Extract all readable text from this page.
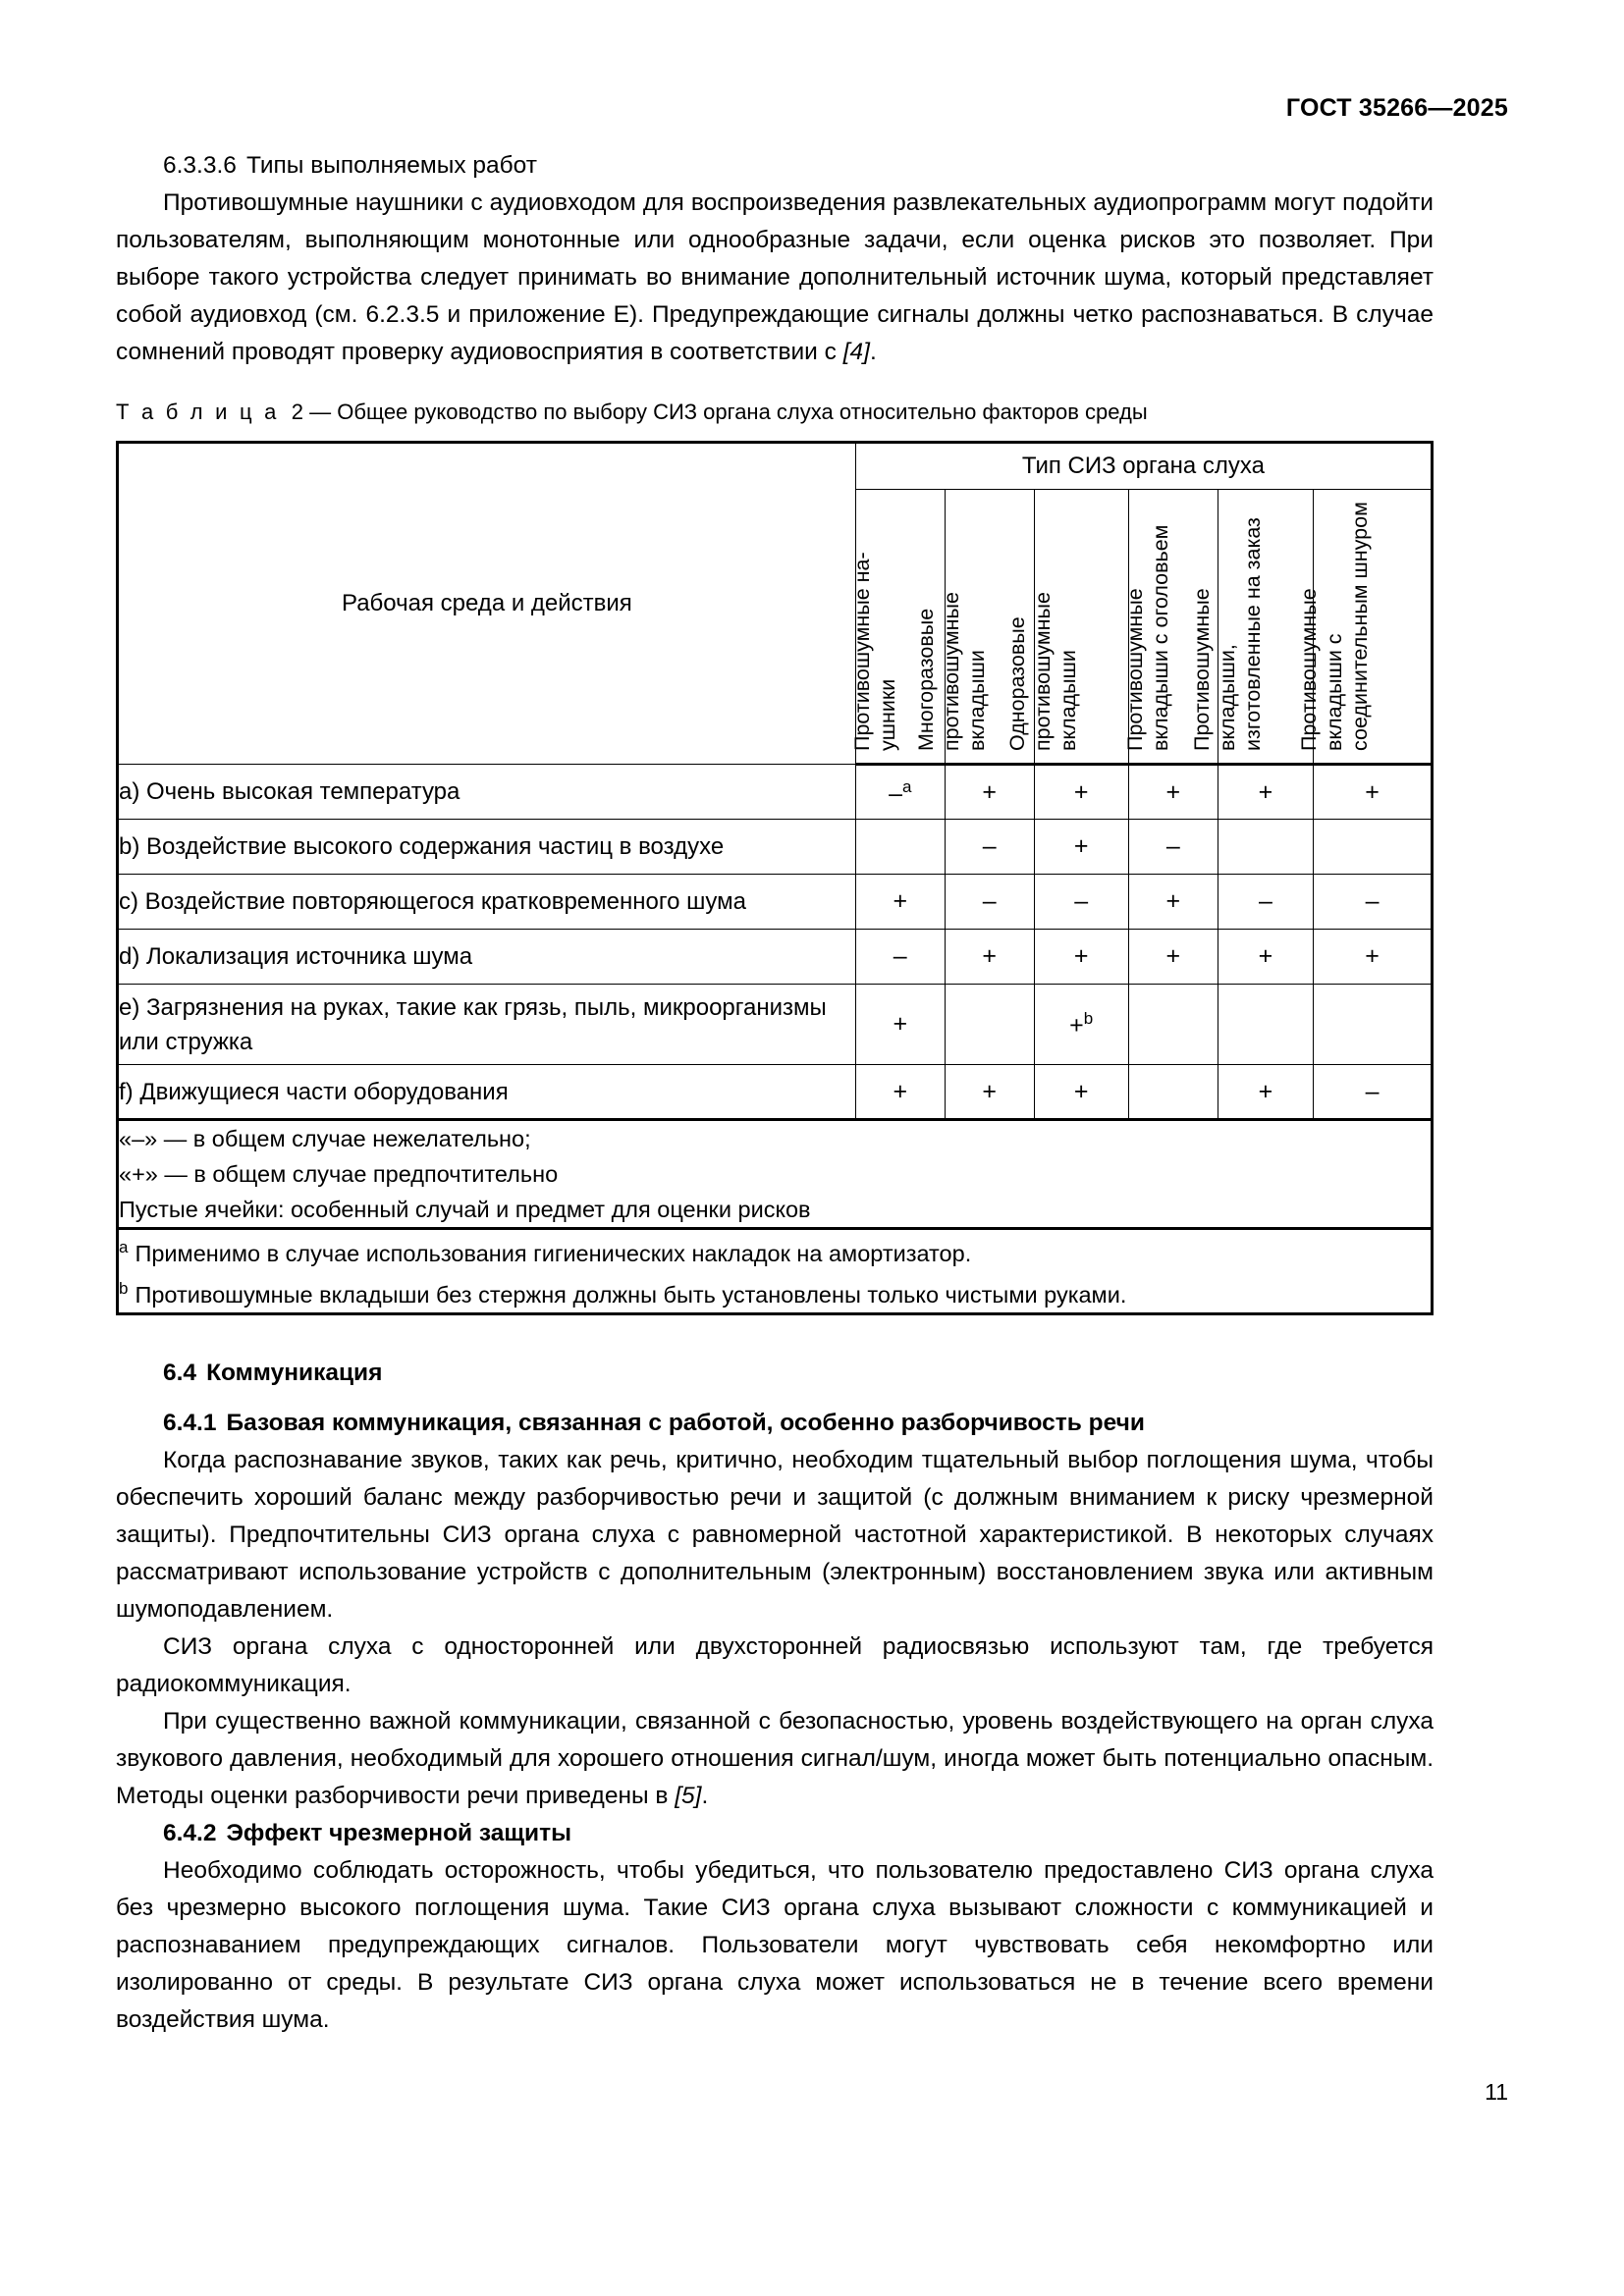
ГОСТ 35266—2025

6.3.3.6 Типы выполняемых работ

Противошумные наушники с аудиовходом для воспроизведения развлекательных аудиопрограмм могут подойти пользователям, выполняющим монотонные или однообразные задачи, если оценка рисков это позволяет. При выборе такого устройства следует принимать во внимание дополнительный источник шума, который представляет собой аудиовход (см. 6.2.3.5 и приложение Е). Предупреждающие сигналы должны четко распознаваться. В случае сомнений проводят проверку аудиовосприятия в соответствии с [4].

Т а б л и ц а 2 — Общее руководство по выбору СИЗ органа слуха относительно факторов среды

Рабочая среда и действия	Тип СИЗ органа слуха					

	Противошумные на- ушники	Многоразовые противошумные вкладыши	Одноразовые противошумные вкладыши	Противошумные вкладыши с оголовьем	Противошумные вкладыши, изготовленные на заказ	Противошумные вкладыши с соединительным шнуром

a) Очень высокая температура	–$^a$	+	+	+	+	+
b) Воздействие высокого содержания частиц в воздухе		–	+	–		
c) Воздействие повторяющегося кратковременного шума	+	–	–	+	–	–
d) Локализация источника шума	–	+	+	+	+	+
e) Загрязнения на руках, такие как грязь, пыль, микроорганизмы или стружка	+		+$^b$			
f) Движущиеся части оборудования	+	+	+		+	–

«–» — в общем случае нежелательно;
«+» — в общем случае предпочтительно
Пустые ячейки: особенный случай и предмет для оценки рисков						

$^a$ Применимо в случае использования гигиенических накладок на амортизатор.
$^b$ Противошумные вкладыши без стержня должны быть установлены только чистыми руками.						

6.4 Коммуникация

6.4.1 Базовая коммуникация, связанная с работой, особенно разборчивость речи

Когда распознавание звуков, таких как речь, критично, необходим тщательный выбор поглощения шума, чтобы обеспечить хороший баланс между разборчивостью речи и защитой (с должным вниманием к риску чрезмерной защиты). Предпочтительны СИЗ органа слуха с равномерной частотной характеристикой. В некоторых случаях рассматривают использование устройств с дополнительным (электронным) восстановлением звука или активным шумоподавлением.

СИЗ органа слуха с односторонней или двухсторонней радиосвязью используют там, где требуется радиокоммуникация.

При существенно важной коммуникации, связанной с безопасностью, уровень воздействующего на орган слуха звукового давления, необходимый для хорошего отношения сигнал/шум, иногда может быть потенциально опасным. Методы оценки разборчивости речи приведены в [5].

6.4.2 Эффект чрезмерной защиты

Необходимо соблюдать осторожность, чтобы убедиться, что пользователю предоставлено СИЗ органа слуха без чрезмерно высокого поглощения шума. Такие СИЗ органа слуха вызывают сложности с коммуникацией и распознаванием предупреждающих сигналов. Пользователи могут чувствовать себя некомфортно или изолированно от среды. В результате СИЗ органа слуха может использоваться не в течение всего времени воздействия шума.

11
